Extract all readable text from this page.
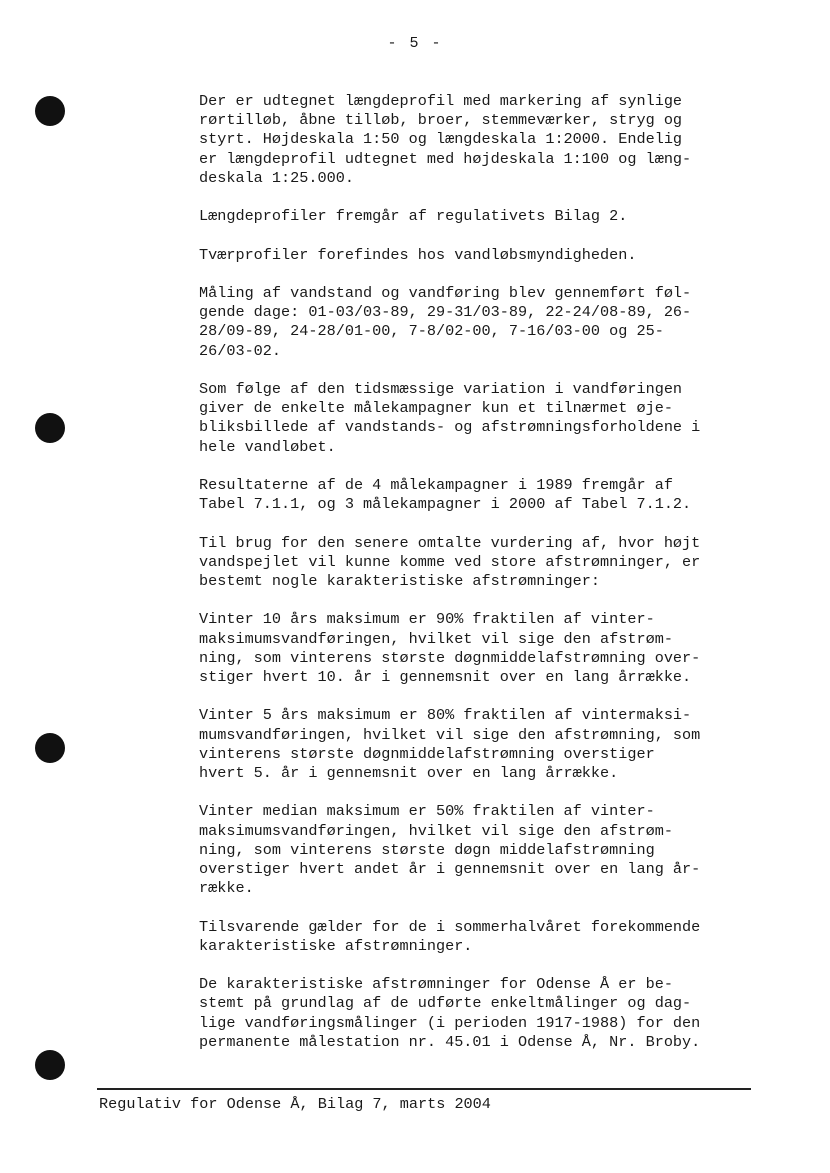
- 5 -
Der er udtegnet længdeprofil med markering af synlige
rørtilløb, åbne tilløb, broer, stemmeværker, stryg og
styrt. Højdeskala 1:50 og længdeskala 1:2000. Endelig
er længdeprofil udtegnet med højdeskala 1:100 og læng-
deskala 1:25.000.
Længdeprofiler fremgår af regulativets Bilag 2.
Tværprofiler forefindes hos vandløbsmyndigheden.
Måling af vandstand og vandføring blev gennemført føl-
gende dage: 01-03/03-89, 29-31/03-89, 22-24/08-89, 26-
28/09-89, 24-28/01-00, 7-8/02-00, 7-16/03-00 og 25-
26/03-02.
Som følge af den tidsmæssige variation i vandføringen
giver de enkelte målekampagner kun et tilnærmet øje-
bliksbillede af vandstands- og afstrømningsforholdene i
hele vandløbet.
Resultaterne af de 4 målekampagner i 1989 fremgår af
Tabel 7.1.1, og 3 målekampagner i 2000 af Tabel 7.1.2.
Til brug for den senere omtalte vurdering af, hvor højt
vandspejlet vil kunne komme ved store afstrømninger, er
bestemt nogle karakteristiske afstrømninger:
Vinter 10 års maksimum er 90% fraktilen af vinter-
maksimumsvandføringen, hvilket vil sige den afstrøm-
ning, som vinterens største døgnmiddelafstrømning over-
stiger hvert 10. år i gennemsnit over en lang årrække.
Vinter 5 års maksimum er 80% fraktilen af vintermaksi-
mumsvandføringen, hvilket vil sige den afstrømning, som
vinterens største døgnmiddelafstrømning overstiger
hvert 5. år i gennemsnit over en lang årrække.
Vinter median maksimum er 50% fraktilen af vinter-
maksimumsvandføringen, hvilket vil sige den afstrøm-
ning, som vinterens største døgn middelafstrømning
overstiger hvert andet år i gennemsnit over en lang år-
række.
Tilsvarende gælder for de i sommerhalvåret forekommende
karakteristiske afstrømninger.
De karakteristiske afstrømninger for Odense Å er be-
stemt på grundlag af de udførte enkeltmålinger og dag-
lige vandføringsmålinger (i perioden 1917-1988) for den
permanente målestation nr. 45.01 i Odense Å, Nr. Broby.
Regulativ for Odense Å, Bilag 7, marts 2004
